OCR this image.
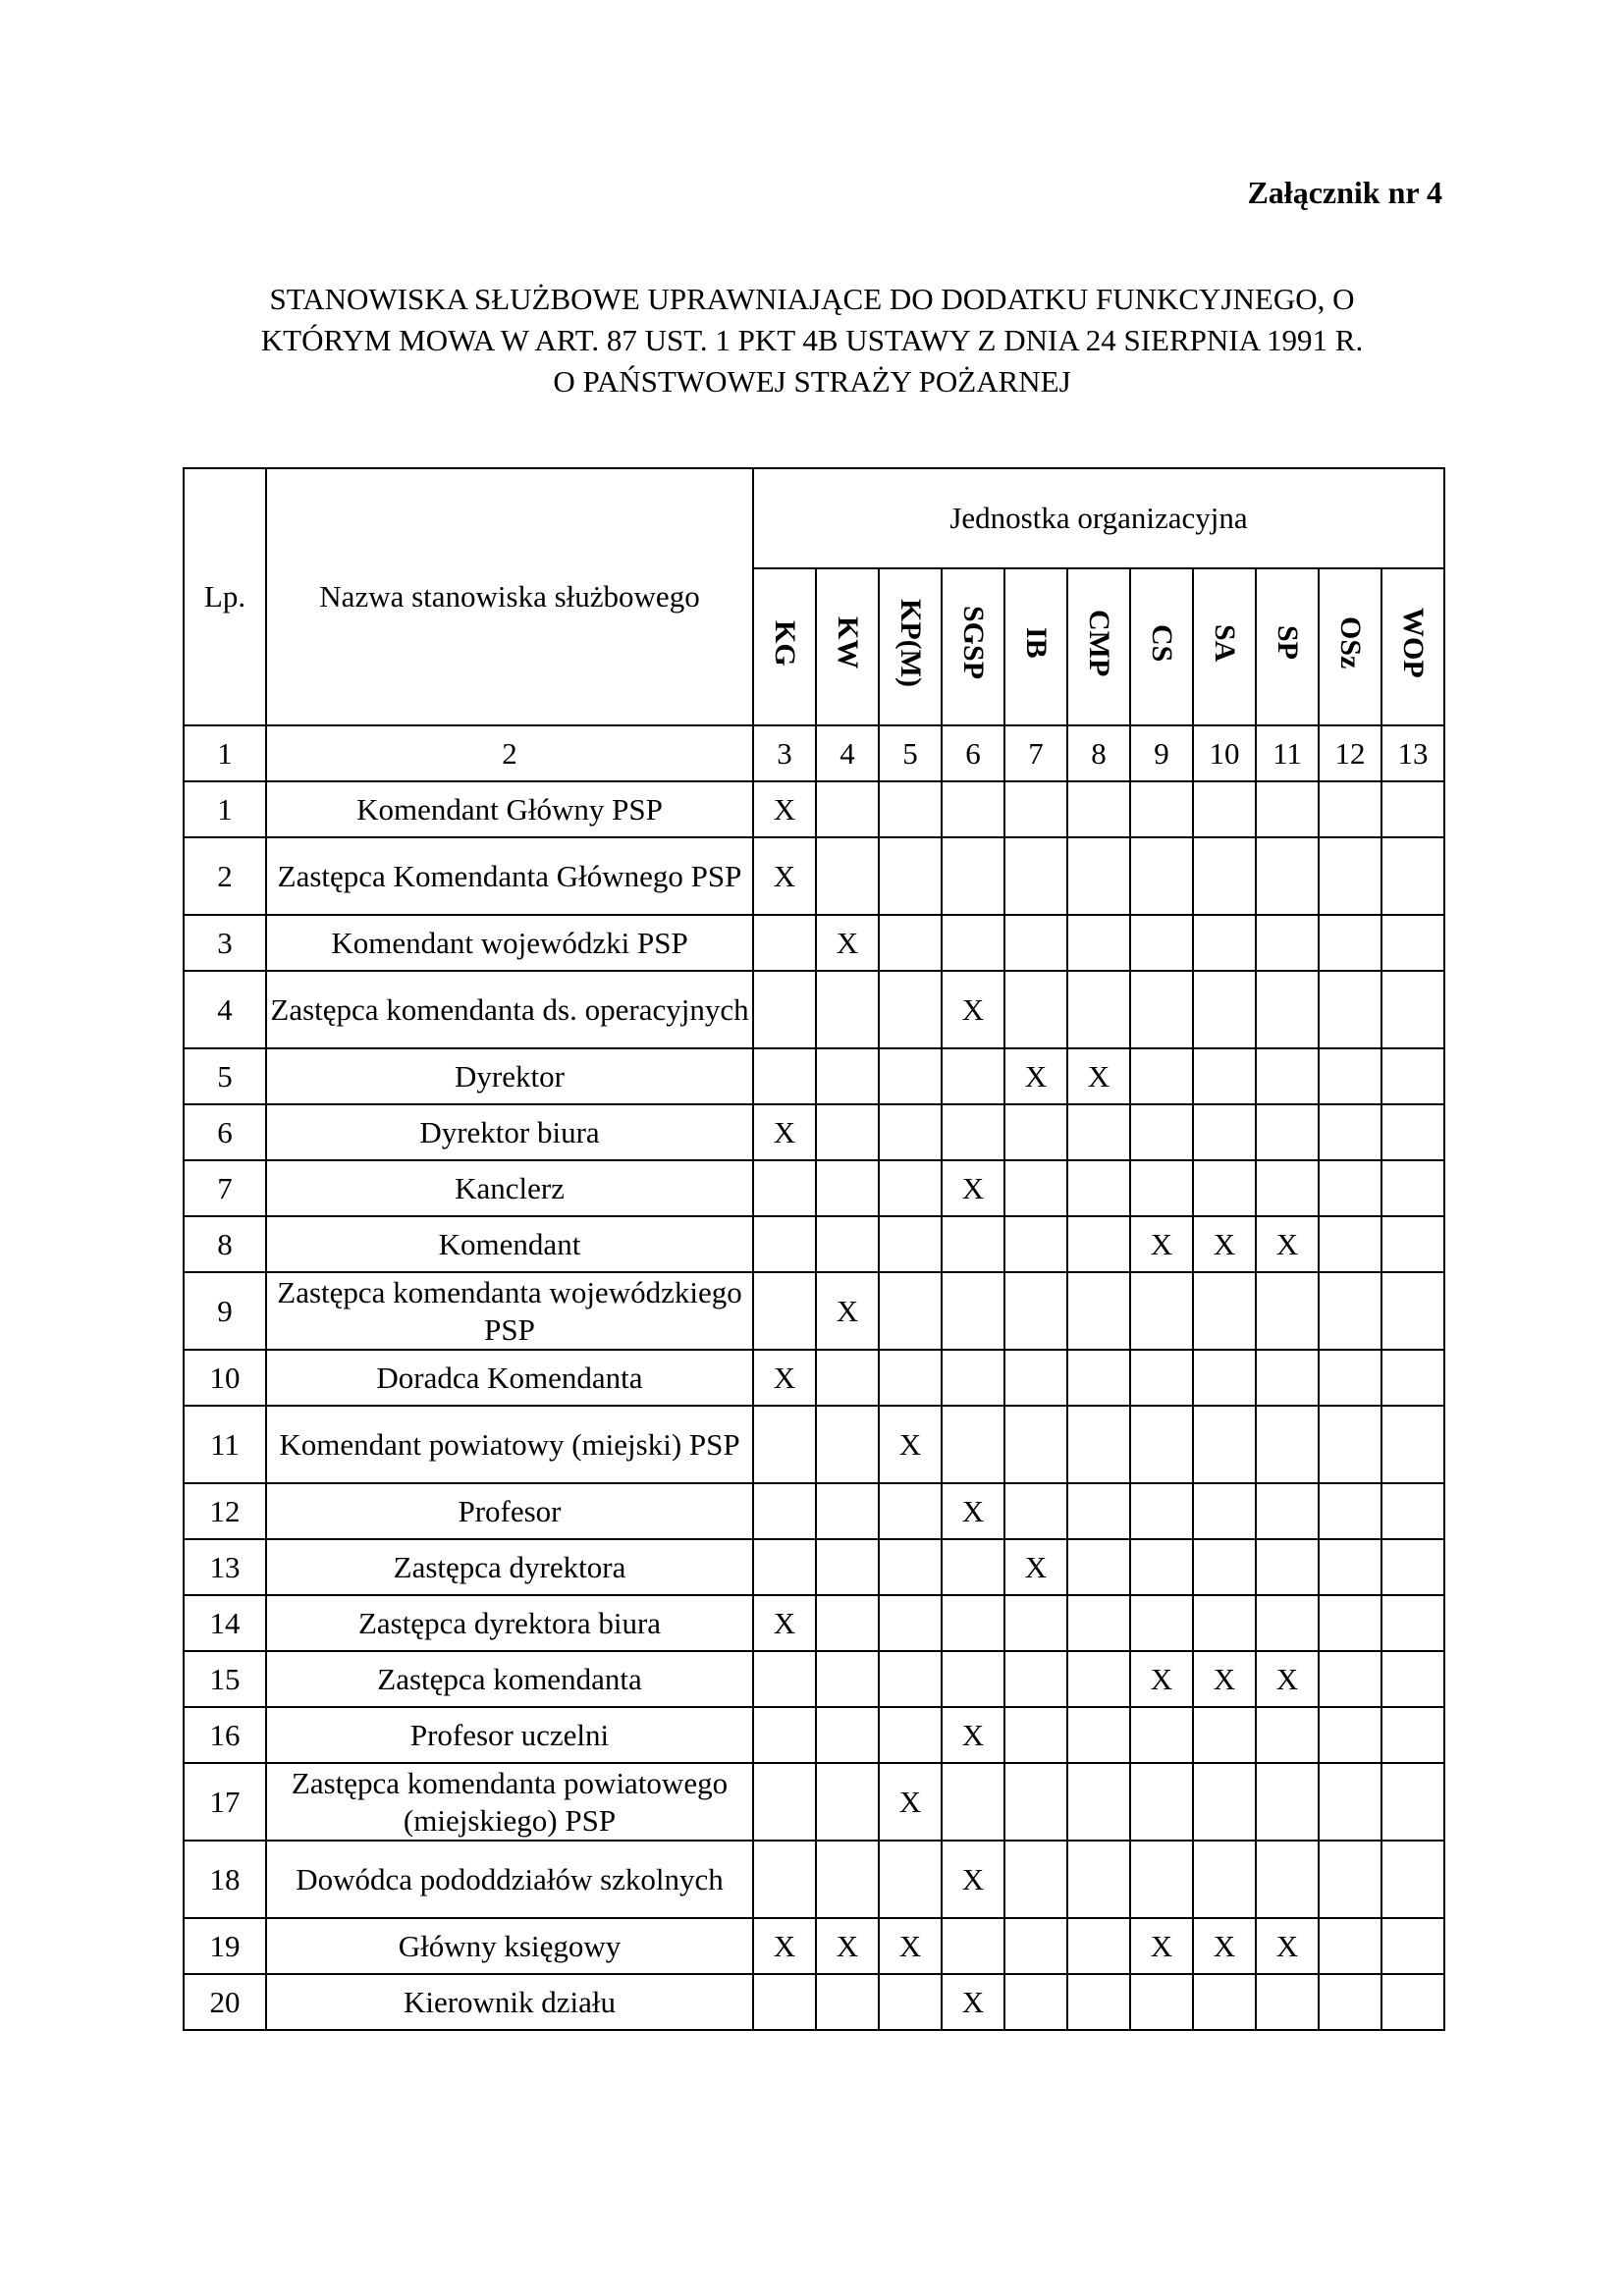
Załącznik nr 4
STANOWISKA SŁUŻBOWE UPRAWNIAJĄCE DO DODATKU FUNKCYJNEGO, O
KTÓRYM MOWA W ART. 87 UST. 1 PKT 4B USTAWY Z DNIA 24 SIERPNIA 1991 R.
O PAŃSTWOWEJ STRAŻY POŻARNEJ
Lp.	Nazwa stanowiska służbowego	Jednostka organizacyjna										
		KG	KW	KP(M)	SGSP	IB	CMP	CS	SA	SP	OSz	WOP
1	2	3	4	5	6	7	8	9	10	11	12	13
1	Komendant Główny PSP	X										
2	Zastępca Komendanta Głównego PSP	X										
3	Komendant wojewódzki PSP		X									
4	Zastępca komendanta ds. operacyjnych				X							
5	Dyrektor					X	X					
6	Dyrektor biura	X										
7	Kanclerz				X							
8	Komendant							X	X	X		
9	Zastępca komendanta wojewódzkiego PSP		X									
10	Doradca Komendanta	X										
11	Komendant powiatowy (miejski) PSP			X								
12	Profesor				X							
13	Zastępca dyrektora					X						
14	Zastępca dyrektora biura	X										
15	Zastępca komendanta							X	X	X		
16	Profesor uczelni				X							
17	Zastępca komendanta powiatowego (miejskiego) PSP			X								
18	Dowódca pododdziałów szkolnych				X							
19	Główny księgowy	X	X	X				X	X	X		
20	Kierownik działu				X							
